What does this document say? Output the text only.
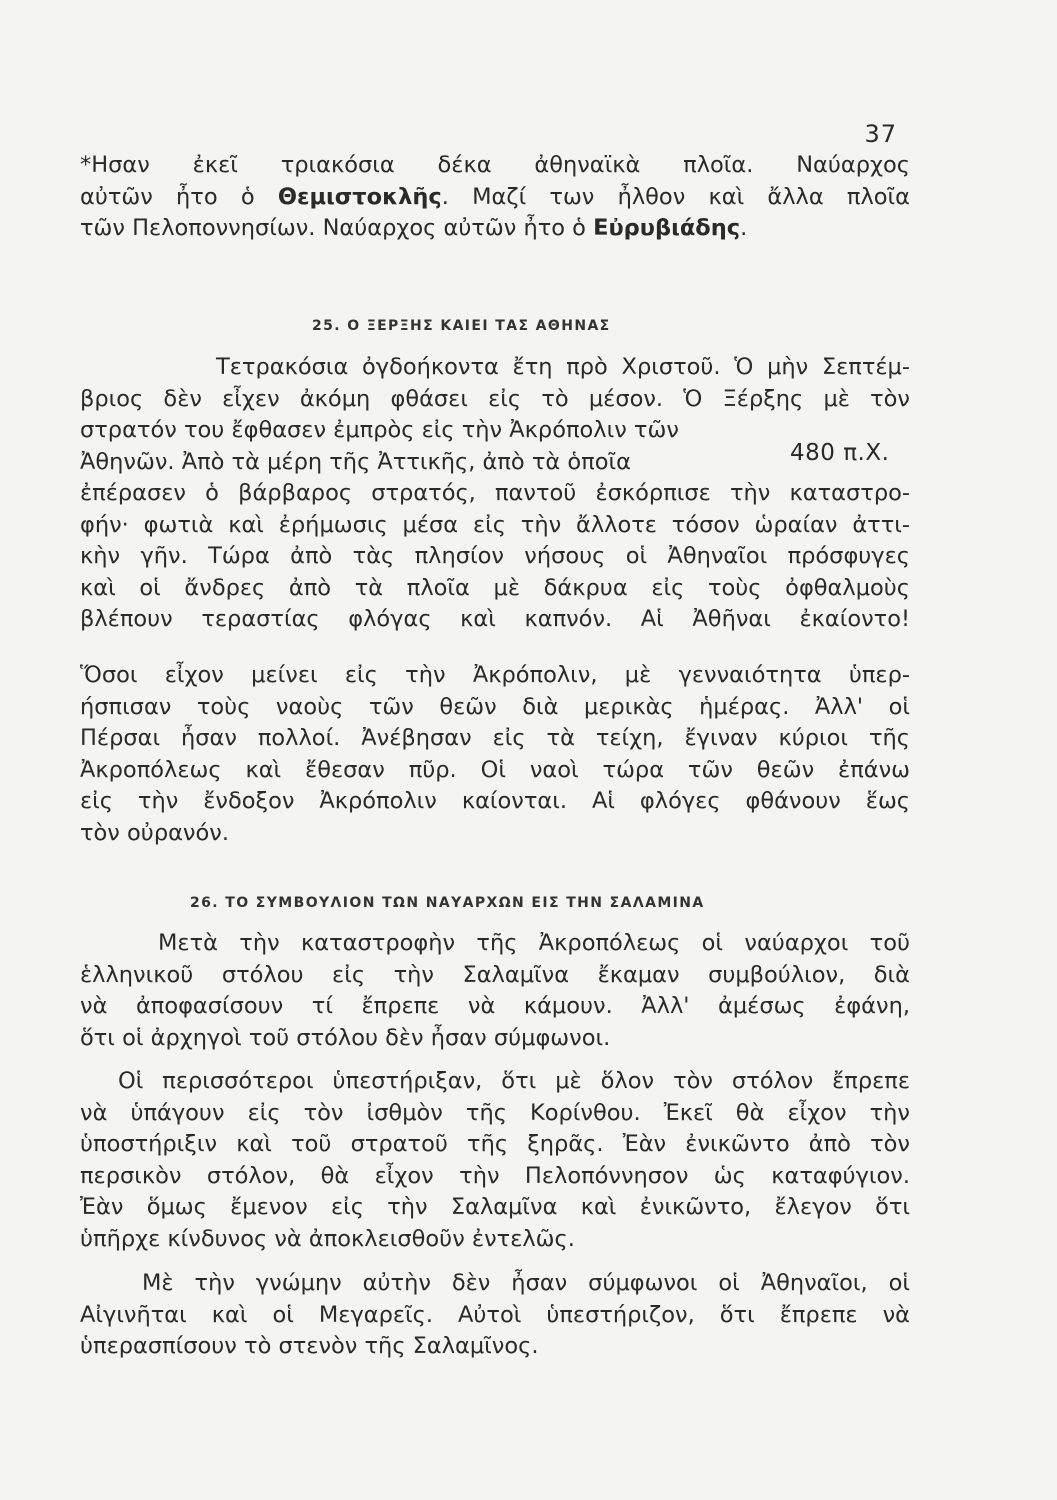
37
*Ησαν ἐκεῖ τριακόσια δέκα ἀθηναϊκὰ πλοῖα. Ναύαρχος
αὐτῶν ἦτο ὁ Θεμιστοκλῆς. Μαζί των ἦλθον καὶ ἄλλα πλοῖα
τῶν Πελοποννησίων. Ναύαρχος αὐτῶν ἦτο ὁ Εὐρυβιάδης.
25. Ο ΞΕΡΞΗΣ ΚΑΙΕΙ ΤΑΣ ΑΘΗΝΑΣ
480 π.Χ.
Τετρακόσια ὀγδοήκοντα ἔτη πρὸ Χριστοῦ. Ὁ μὴν Σεπτέμ-
βριος δὲν εἶχεν ἀκόμη φθάσει εἰς τὸ μέσον. Ὁ Ξέρξης μὲ τὸν
στρατόν του ἔφθασεν ἐμπρὸς εἰς τὴν Ἀκρόπολιν τῶν
Ἀθηνῶν. Ἀπὸ τὰ μέρη τῆς Ἀττικῆς, ἀπὸ τὰ ὁποῖα
ἐπέρασεν ὁ βάρβαρος στρατός, παντοῦ ἐσκόρπισε τὴν καταστρο-
φήν· φωτιὰ καὶ ἐρήμωσις μέσα εἰς τὴν ἄλλοτε τόσον ὡραίαν ἀττι-
κὴν γῆν. Τώρα ἀπὸ τὰς πλησίον νήσους οἱ Ἀθηναῖοι πρόσφυγες
καὶ οἱ ἄνδρες ἀπὸ τὰ πλοῖα μὲ δάκρυα εἰς τοὺς ὀφθαλμοὺς
βλέπουν τεραστίας φλόγας καὶ καπνόν. Αἱ Ἀθῆναι ἐκαίοντο!
Ὅσοι εἶχον μείνει εἰς τὴν Ἀκρόπολιν, μὲ γενναιότητα ὑπερ-
ήσπισαν τοὺς ναοὺς τῶν θεῶν διὰ μερικὰς ἡμέρας. Ἀλλ' οἱ
Πέρσαι ἦσαν πολλοί. Ἀνέβησαν εἰς τὰ τείχη, ἔγιναν κύριοι τῆς
Ἀκροπόλεως καὶ ἔθεσαν πῦρ. Οἱ ναοὶ τώρα τῶν θεῶν ἐπάνω
εἰς τὴν ἔνδοξον Ἀκρόπολιν καίονται. Αἱ φλόγες φθάνουν ἕως
τὸν οὐρανόν.
26. ΤΟ ΣΥΜΒΟΥΛΙΟΝ ΤΩΝ ΝΑΥΑΡΧΩΝ ΕΙΣ ΤΗΝ ΣΑΛΑΜΙΝΑ
Μετὰ τὴν καταστροφὴν τῆς Ἀκροπόλεως οἱ ναύαρχοι τοῦ
ἑλληνικοῦ στόλου εἰς τὴν Σαλαμῖνα ἔκαμαν συμβούλιον, διὰ
νὰ ἀποφασίσουν τί ἔπρεπε νὰ κάμουν. Ἀλλ' ἀμέσως ἐφάνη,
ὅτι οἱ ἀρχηγοὶ τοῦ στόλου δὲν ἦσαν σύμφωνοι.
Οἱ περισσότεροι ὑπεστήριξαν, ὅτι μὲ ὅλον τὸν στόλον ἔπρεπε
νὰ ὑπάγουν εἰς τὸν ἰσθμὸν τῆς Κορίνθου. Ἐκεῖ θὰ εἶχον τὴν
ὑποστήριξιν καὶ τοῦ στρατοῦ τῆς ξηρᾶς. Ἐὰν ἐνικῶντο ἀπὸ τὸν
περσικὸν στόλον, θὰ εἶχον τὴν Πελοπόννησον ὡς καταφύγιον.
Ἐὰν ὅμως ἔμενον εἰς τὴν Σαλαμῖνα καὶ ἐνικῶντο, ἔλεγον ὅτι
ὑπῆρχε κίνδυνος νὰ ἀποκλεισθοῦν ἐντελῶς.
Μὲ τὴν γνώμην αὐτὴν δὲν ἦσαν σύμφωνοι οἱ Ἀθηναῖοι, οἱ
Αἰγινῆται καὶ οἱ Μεγαρεῖς. Αὐτοὶ ὑπεστήριζον, ὅτι ἔπρεπε νὰ
ὑπερασπίσουν τὸ στενὸν τῆς Σαλαμῖνος.
